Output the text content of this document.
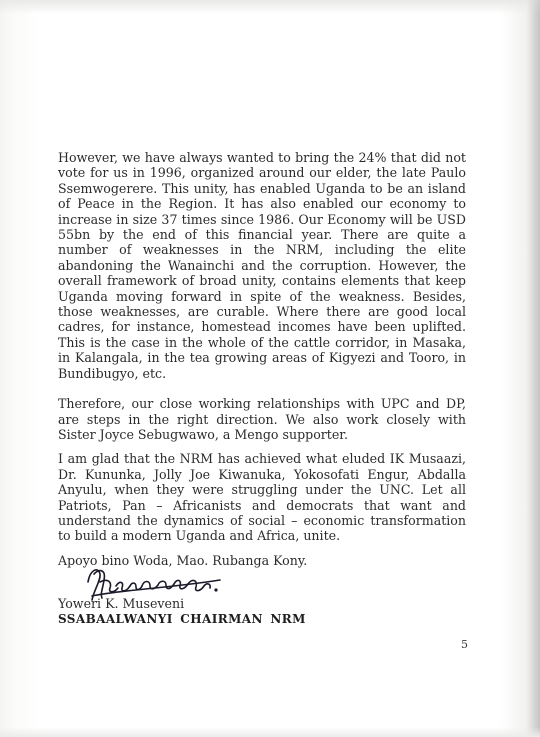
However, we have always wanted to bring the 24% that did not vote for us in 1996, organized around our elder, the late Paulo Ssemwogerere. This unity, has enabled Uganda to be an island of Peace in the Region. It has also enabled our economy to increase in size 37 times since 1986. Our Economy will be USD 55bn by the end of this financial year. There are quite a number of weaknesses in the NRM, including the elite abandoning the Wanainchi and the corruption. However, the overall framework of broad unity, contains elements that keep Uganda moving forward in spite of the weakness. Besides, those weaknesses, are curable. Where there are good local cadres, for instance, homestead incomes have been uplifted. This is the case in the whole of the cattle corridor, in Masaka, in Kalangala, in the tea growing areas of Kigyezi and Tooro, in Bundibugyo, etc.

Therefore, our close working relationships with UPC and DP, are steps in the right direction. We also work closely with Sister Joyce Sebugwawo, a Mengo supporter.

I am glad that the NRM has achieved what eluded IK Musaazi, Dr. Kununka, Jolly Joe Kiwanuka, Yokosofati Engur, Abdalla Anyulu, when they were struggling under the UNC. Let all Patriots, Pan – Africanists and democrats that want and understand the dynamics of social – economic transformation to build a modern Uganda and Africa, unite.

Apoyo bino Woda, Mao. Rubanga Kony.

Yoweri K. Museveni
SSABAALWANYI CHAIRMAN NRM
5
